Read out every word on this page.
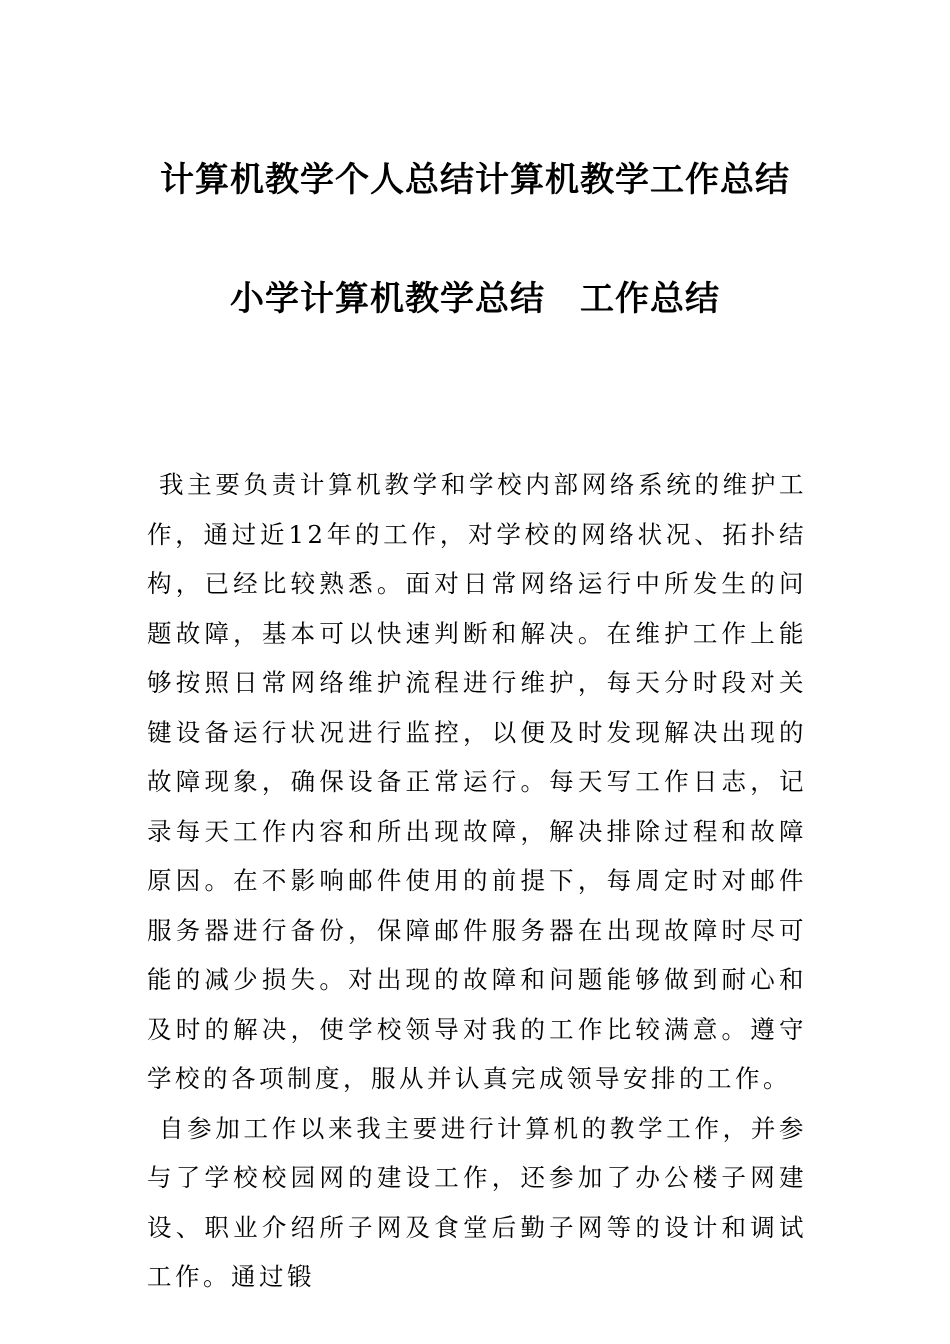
计算机教学个人总结计算机教学工作总结
小学计算机教学总结　工作总结

我主要负责计算机教学和学校内部网络系统的维护工作，通过近12年的工作，对学校的网络状况、拓扑结构，已经比较熟悉。面对日常网络运行中所发生的问题故障，基本可以快速判断和解决。在维护工作上能够按照日常网络维护流程进行维护，每天分时段对关键设备运行状况进行监控，以便及时发现解决出现的故障现象，确保设备正常运行。每天写工作日志，记录每天工作内容和所出现故障，解决排除过程和故障原因。在不影响邮件使用的前提下，每周定时对邮件服务器进行备份，保障邮件服务器在出现故障时尽可能的减少损失。对出现的故障和问题能够做到耐心和及时的解决，使学校领导对我的工作比较满意。遵守学校的各项制度，服从并认真完成领导安排的工作。

自参加工作以来我主要进行计算机的教学工作，并参与了学校校园网的建设工作，还参加了办公楼子网建设、职业介绍所子网及食堂后勤子网等的设计和调试工作。通过锻
